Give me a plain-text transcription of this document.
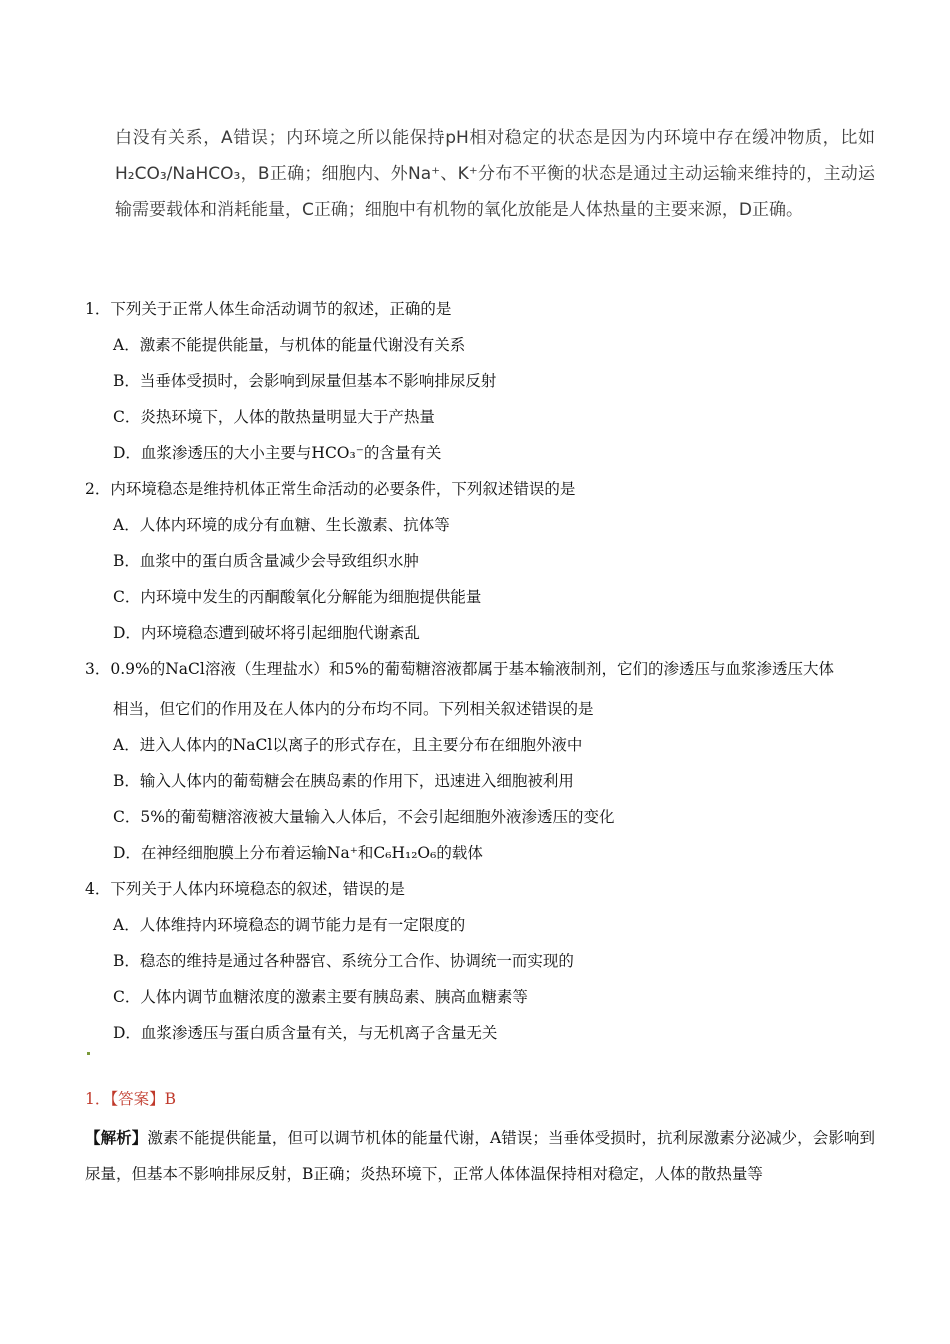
白没有关系，A错误；内环境之所以能保持pH相对稳定的状态是因为内环境中存在缓冲物质，比如H₂CO₃/NaHCO₃，B正确；细胞内、外Na⁺、K⁺分布不平衡的状态是通过主动运输来维持的，主动运输需要载体和消耗能量，C正确；细胞中有机物的氧化放能是人体热量的主要来源，D正确。

1．下列关于正常人体生命活动调节的叙述，正确的是
A．激素不能提供能量，与机体的能量代谢没有关系
B．当垂体受损时，会影响到尿量但基本不影响排尿反射
C．炎热环境下，人体的散热量明显大于产热量
D．血浆渗透压的大小主要与HCO₃⁻的含量有关
2．内环境稳态是维持机体正常生命活动的必要条件，下列叙述错误的是
A．人体内环境的成分有血糖、生长激素、抗体等
B．血浆中的蛋白质含量减少会导致组织水肿
C．内环境中发生的丙酮酸氧化分解能为细胞提供能量
D．内环境稳态遭到破坏将引起细胞代谢紊乱
3．0.9%的NaCl溶液（生理盐水）和5%的葡萄糖溶液都属于基本输液制剂，它们的渗透压与血浆渗透压大体
相当，但它们的作用及在人体内的分布均不同。下列相关叙述错误的是
A．进入人体内的NaCl以离子的形式存在，且主要分布在细胞外液中
B．输入人体内的葡萄糖会在胰岛素的作用下，迅速进入细胞被利用
C．5%的葡萄糖溶液被大量输入人体后，不会引起细胞外液渗透压的变化
D．在神经细胞膜上分布着运输Na⁺和C₆H₁₂O₆的载体
4．下列关于人体内环境稳态的叙述，错误的是
A．人体维持内环境稳态的调节能力是有一定限度的
B．稳态的维持是通过各种器官、系统分工合作、协调统一而实现的
C．人体内调节血糖浓度的激素主要有胰岛素、胰高血糖素等
D．血浆渗透压与蛋白质含量有关，与无机离子含量无关
1．【答案】B

【解析】激素不能提供能量，但可以调节机体的能量代谢，A错误；当垂体受损时，抗利尿激素分泌减少，会影响到尿量，但基本不影响排尿反射，B正确；炎热环境下，正常人体体温保持相对稳定，人体的散热量等
